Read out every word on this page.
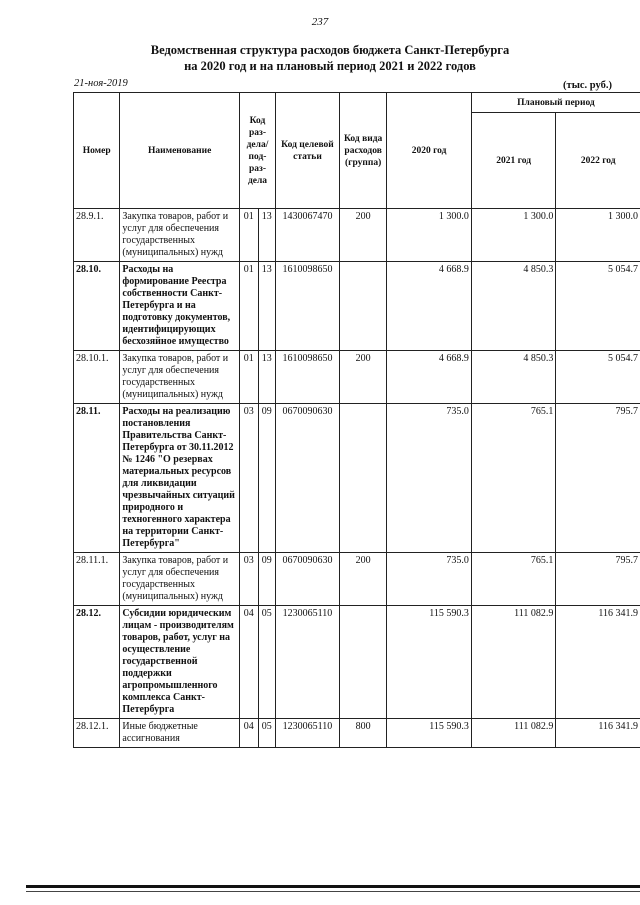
237
Ведомственная структура расходов бюджета Санкт-Петербурга
на 2020 год и на плановый период 2021 и 2022 годов
21-ноя-2019	(тыс. руб.)
Номер	Наименование	Код раз- дела/ под- раз- дела		Код целевой статьи	Код вида расходов (группа)	2020 год	Плановый период	
							2021 год	2022 год
28.9.1.	Закупка товаров, работ и услуг для обеспечения государственных (муниципальных) нужд	01	13	1430067470	200	1 300.0	1 300.0	1 300.0
28.10.	Расходы на формирование Реестра собственности Санкт-Петербурга и на подготовку документов, идентифицирующих бесхозяйное имущество	01	13	1610098650		4 668.9	4 850.3	5 054.7
28.10.1.	Закупка товаров, работ и услуг для обеспечения государственных (муниципальных) нужд	01	13	1610098650	200	4 668.9	4 850.3	5 054.7
28.11.	Расходы на реализацию постановления Правительства Санкт-Петербурга от 30.11.2012 № 1246 "О резервах материальных ресурсов для ликвидации чрезвычайных ситуаций природного и техногенного характера на территории Санкт-Петербурга"	03	09	0670090630		735.0	765.1	795.7
28.11.1.	Закупка товаров, работ и услуг для обеспечения государственных (муниципальных) нужд	03	09	0670090630	200	735.0	765.1	795.7
28.12.	Субсидии юридическим лицам - производителям товаров, работ, услуг на осуществление государственной поддержки агропромышленного комплекса Санкт-Петербурга	04	05	1230065110		115 590.3	111 082.9	116 341.9
28.12.1.	Иные бюджетные ассигнования	04	05	1230065110	800	115 590.3	111 082.9	116 341.9
